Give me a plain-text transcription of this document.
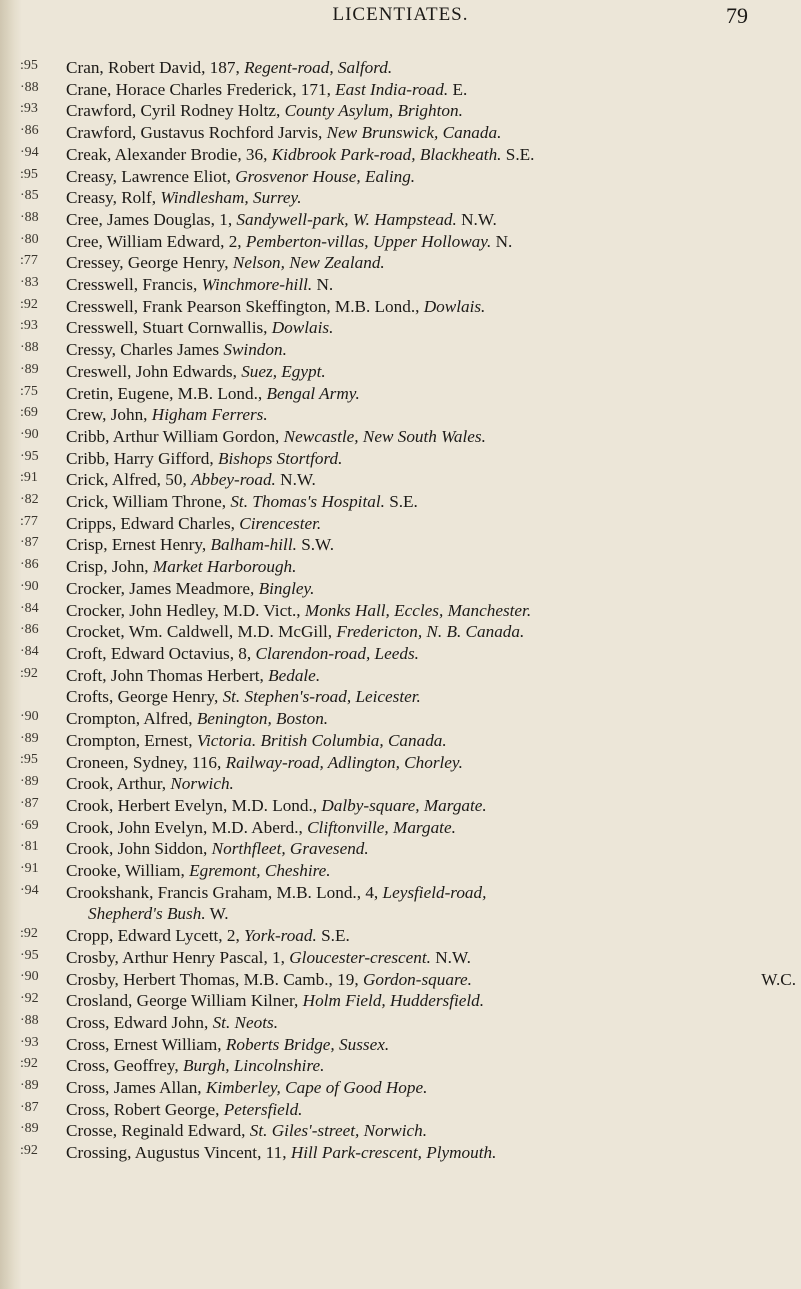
LICENTIATES.	79
:95
·88
:93
·86
·94
:95
·85
·88
·80
:77
·83
:92
:93
·88
·89
:75
:69
·90
·95
:91
·82
:77
·87
·86
·90
·84
·86
·84
:92
·90
·89
:95
·89
·87
·69
·81
·91
·94
:92
·95
·90
·92
·88
·93
:92
·89
·87
·89
:92
Cran, Robert David, 187, Regent-road, Salford.
Crane, Horace Charles Frederick, 171, East India-road. E.
Crawford, Cyril Rodney Holtz, County Asylum, Brighton.
Crawford, Gustavus Rochford Jarvis, New Brunswick, Canada.
Creak, Alexander Brodie, 36, Kidbrook Park-road, Blackheath. S.E.
Creasy, Lawrence Eliot, Grosvenor House, Ealing.
Creasy, Rolf, Windlesham, Surrey.
Cree, James Douglas, 1, Sandywell-park, W. Hampstead. N.W.
Cree, William Edward, 2, Pemberton-villas, Upper Holloway. N.
Cressey, George Henry, Nelson, New Zealand.
Cresswell, Francis, Winchmore-hill. N.
Cresswell, Frank Pearson Skeffington, M.B. Lond., Dowlais.
Cresswell, Stuart Cornwallis, Dowlais.
Cressy, Charles James Swindon.
Creswell, John Edwards, Suez, Egypt.
Cretin, Eugene, M.B. Lond., Bengal Army.
Crew, John, Higham Ferrers.
Cribb, Arthur William Gordon, Newcastle, New South Wales.
Cribb, Harry Gifford, Bishops Stortford.
Crick, Alfred, 50, Abbey-road. N.W.
Crick, William Throne, St. Thomas's Hospital. S.E.
Cripps, Edward Charles, Cirencester.
Crisp, Ernest Henry, Balham-hill. S.W.
Crisp, John, Market Harborough.
Crocker, James Meadmore, Bingley.
Crocker, John Hedley, M.D. Vict., Monks Hall, Eccles, Manchester.
Crocket, Wm. Caldwell, M.D. McGill, Fredericton, N. B. Canada.
Croft, Edward Octavius, 8, Clarendon-road, Leeds.
Croft, John Thomas Herbert, Bedale.
Crofts, George Henry, St. Stephen's-road, Leicester.
Crompton, Alfred, Benington, Boston.
Crompton, Ernest, Victoria. British Columbia, Canada.
Croneen, Sydney, 116, Railway-road, Adlington, Chorley.
Crook, Arthur, Norwich.
Crook, Herbert Evelyn, M.D. Lond., Dalby-square, Margate.
Crook, John Evelyn, M.D. Aberd., Cliftonville, Margate.
Crook, John Siddon, Northfleet, Gravesend.
Crooke, William, Egremont, Cheshire.
Crookshank, Francis Graham, M.B. Lond., 4, Leysfield-road,
Shepherd's Bush. W.
Cropp, Edward Lycett, 2, York-road. S.E.
Crosby, Arthur Henry Pascal, 1, Gloucester-crescent. N.W.
Crosby, Herbert Thomas, M.B. Camb., 19, Gordon-square.	W.C.
Crosland, George William Kilner, Holm Field, Huddersfield.
Cross, Edward John, St. Neots.
Cross, Ernest William, Roberts Bridge, Sussex.
Cross, Geoffrey, Burgh, Lincolnshire.
Cross, James Allan, Kimberley, Cape of Good Hope.
Cross, Robert George, Petersfield.
Crosse, Reginald Edward, St. Giles'-street, Norwich.
Crossing, Augustus Vincent, 11, Hill Park-crescent, Plymouth.
